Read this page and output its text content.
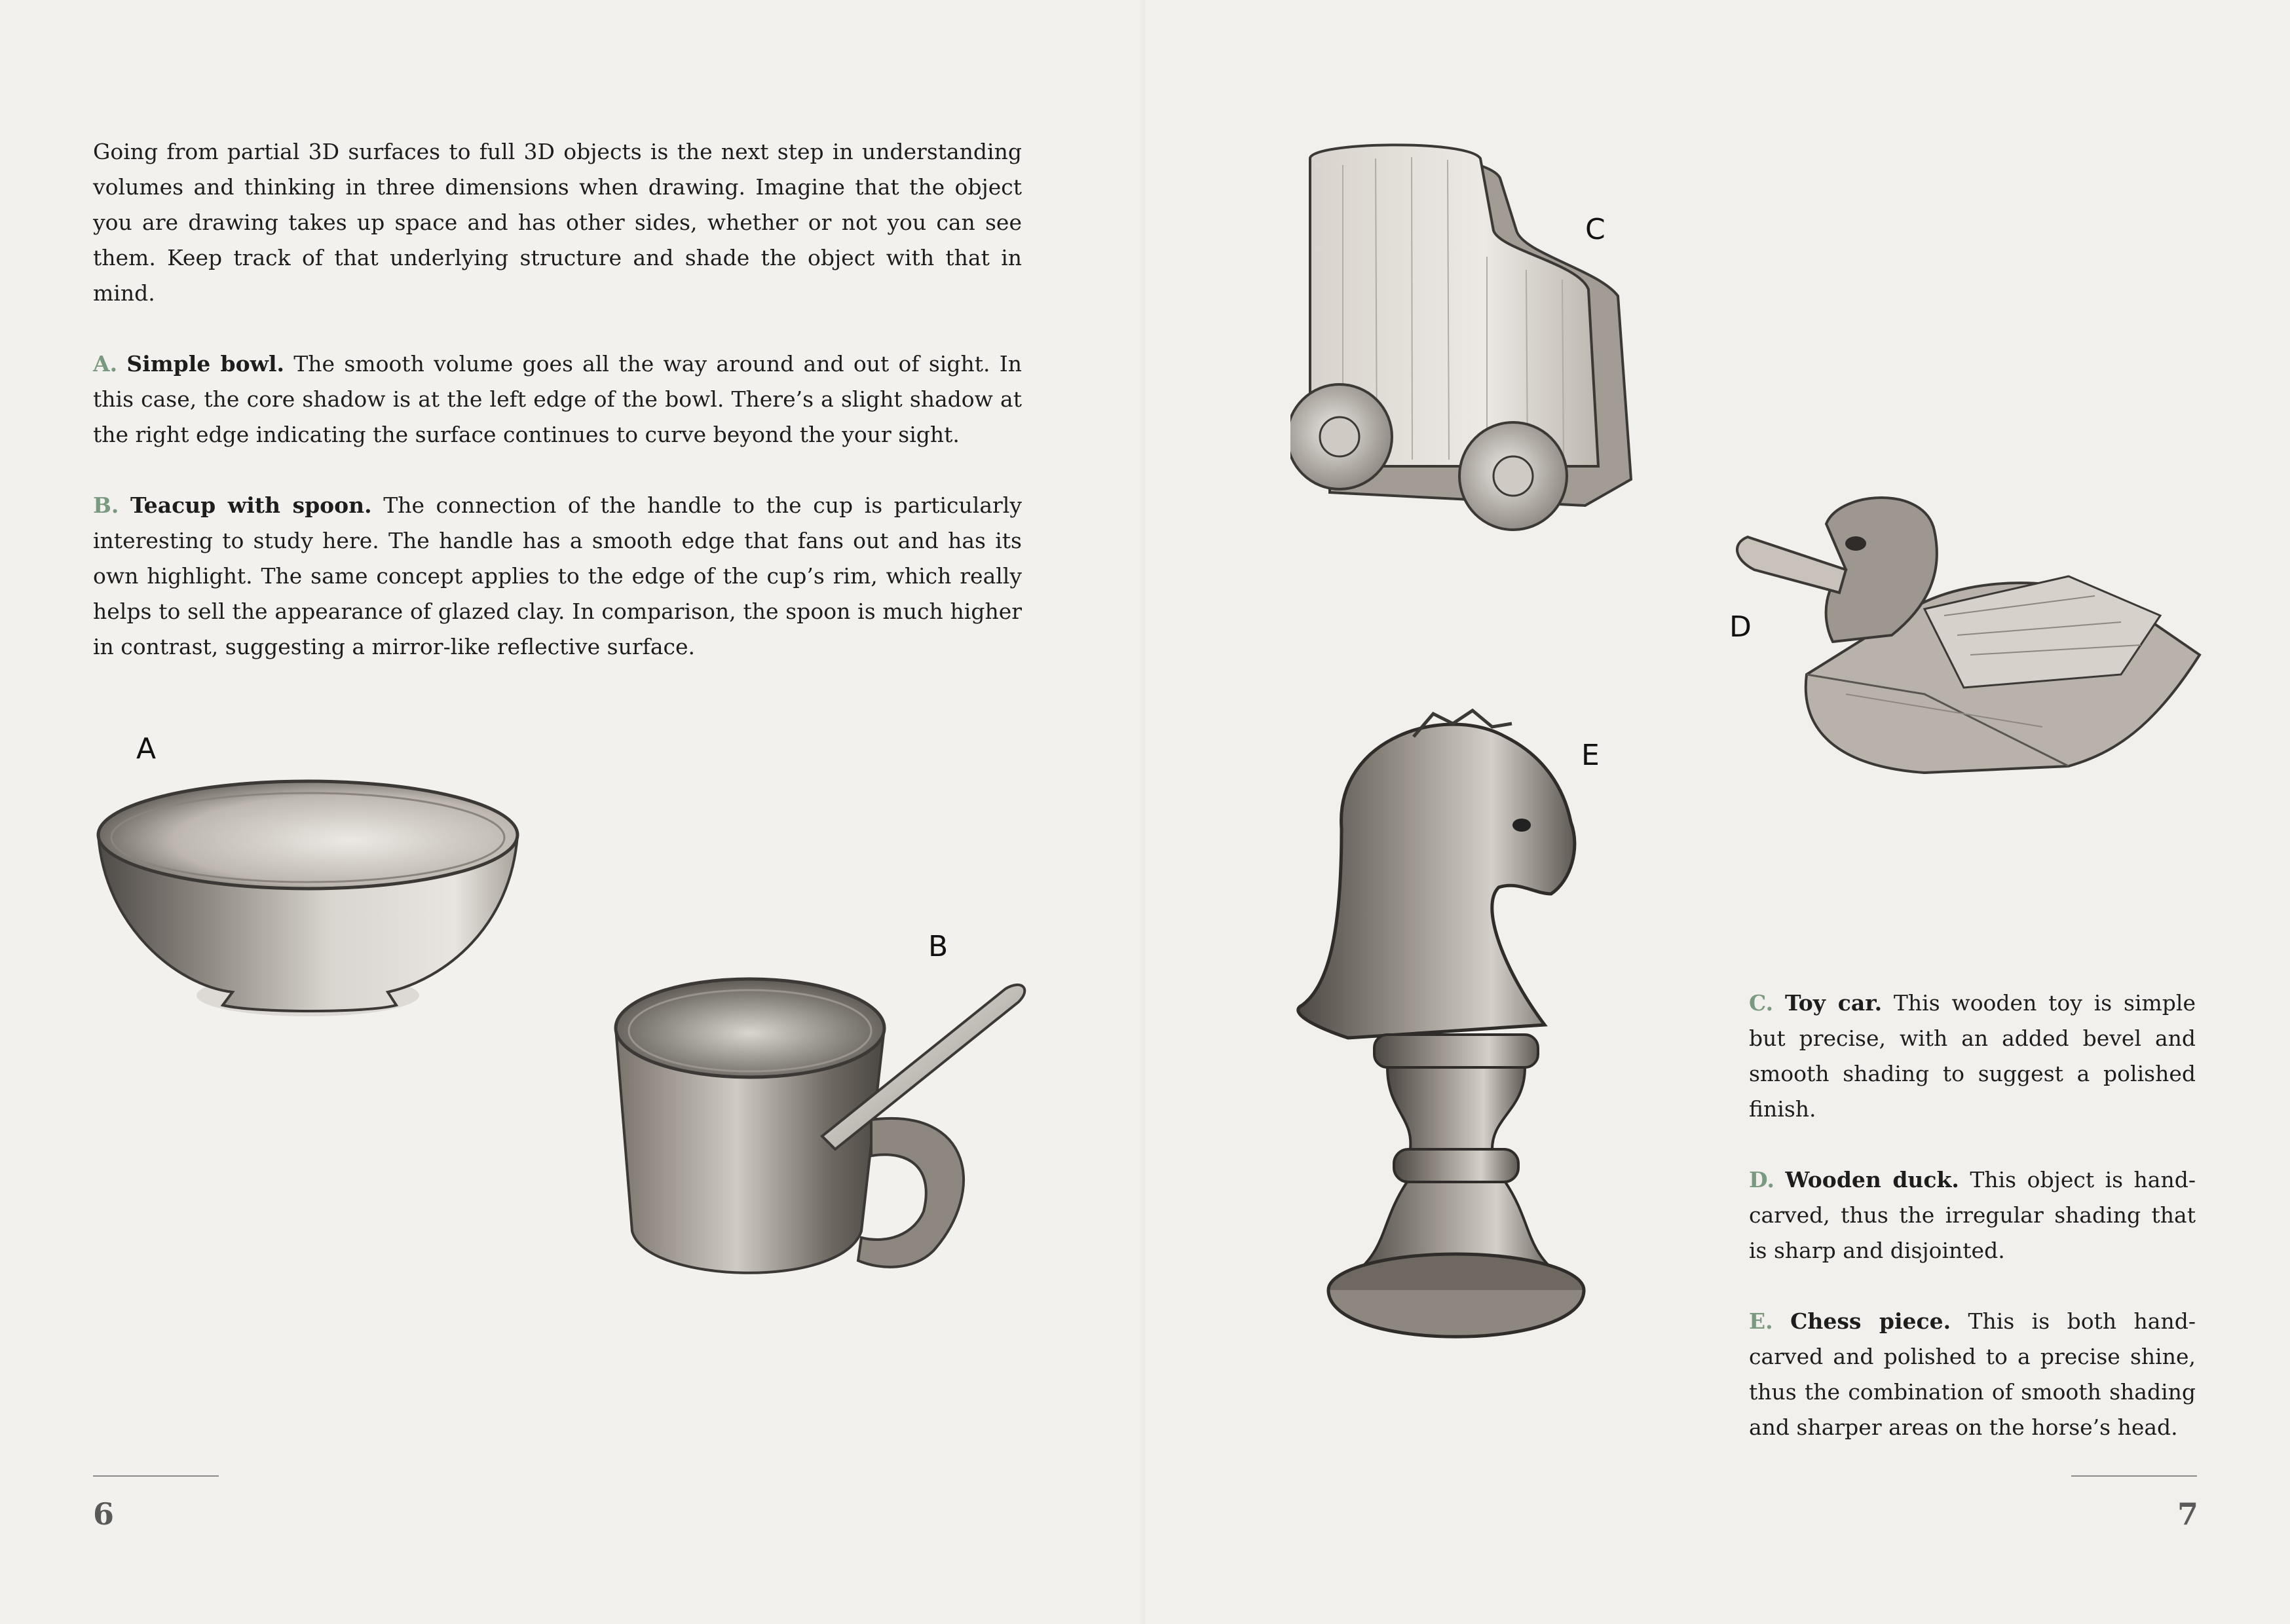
Going from partial 3D surfaces to full 3D objects is the next step in understanding volumes and thinking in three dimensions when drawing. Imagine that the object you are drawing takes up space and has other sides, whether or not you can see them. Keep track of that underlying structure and shade the object with that in mind.

A. Simple bowl. The smooth volume goes all the way around and out of sight. In this case, the core shadow is at the left edge of the bowl. There’s a slight shadow at the right edge indicating the surface continues to curve beyond the your sight.

B. Teacup with spoon. The connection of the handle to the cup is particularly interesting to study here. The handle has a smooth edge that fans out and has its own highlight. The same concept applies to the edge of the cup’s rim, which really helps to sell the appearance of glazed clay. In comparison, the spoon is much higher in contrast, suggesting a mirror-like reflective surface.

A
B
6
C
D
E

C. Toy car. This wooden toy is simple but precise, with an added bevel and smooth shading to suggest a polished finish.

D. Wooden duck. This object is hand-carved, thus the irregular shading that is sharp and disjointed.

E. Chess piece. This is both hand-carved and polished to a precise shine, thus the combination of smooth shading and sharper areas on the horse’s head.

7
